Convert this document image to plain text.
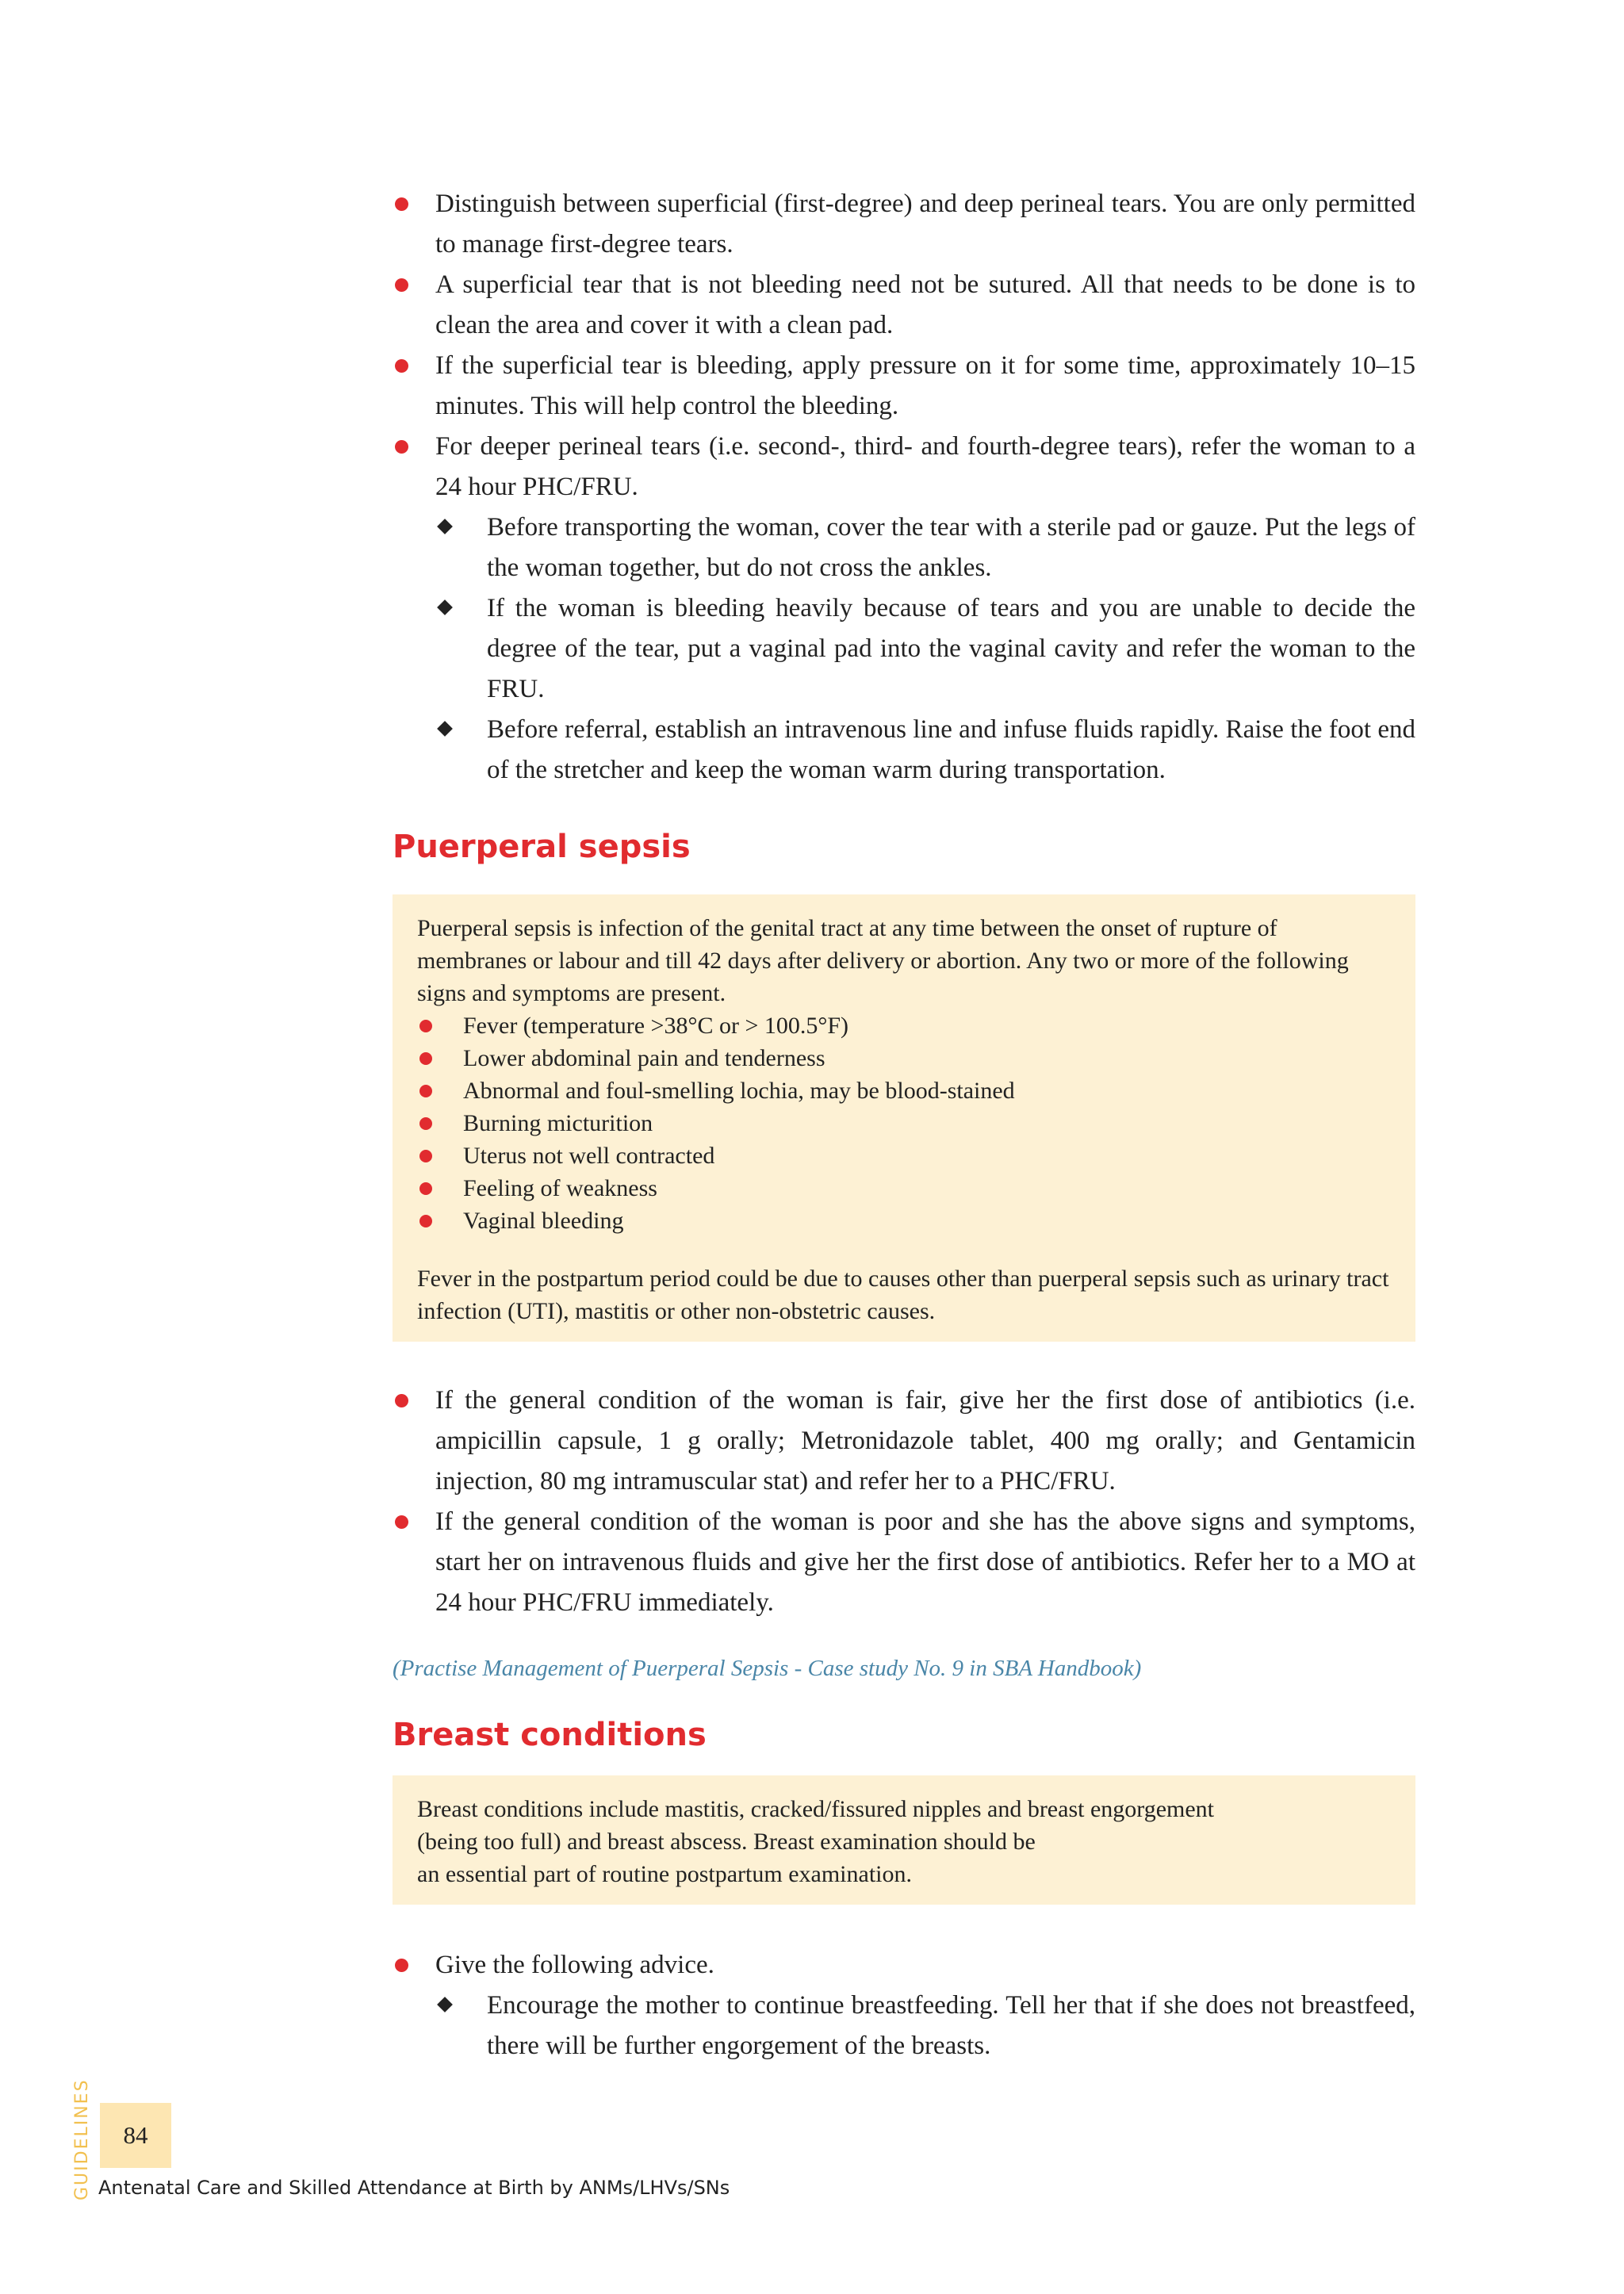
Distinguish between superficial (first-degree) and deep perineal tears. You are only permitted to manage first-degree tears.
A superficial tear that is not bleeding need not be sutured. All that needs to be done is to clean the area and cover it with a clean pad.
If the superficial tear is bleeding, apply pressure on it for some time, approximately 10–15 minutes. This will help control the bleeding.
For deeper perineal tears (i.e. second-, third- and fourth-degree tears), refer the woman to a 24 hour PHC/FRU.
Before transporting the woman, cover the tear with a sterile pad or gauze. Put the legs of the woman together, but do not cross the ankles.
If the woman is bleeding heavily because of tears and you are unable to decide the degree of the tear, put a vaginal pad into the vaginal cavity and refer the woman to the FRU.
Before referral, establish an intravenous line and infuse fluids rapidly. Raise the foot end of the stretcher and keep the woman warm during transportation.
Puerperal sepsis

Puerperal sepsis is infection of the genital tract at any time between the onset of rupture of membranes or labour and till 42 days after delivery or abortion. Any two or more of the following signs and symptoms are present.

Fever (temperature >38°C or > 100.5°F)
Lower abdominal pain and tenderness
Abnormal and foul-smelling lochia, may be blood-stained
Burning micturition
Uterus not well contracted
Feeling of weakness
Vaginal bleeding

Fever in the postpartum period could be due to causes other than puerperal sepsis such as urinary tract infection (UTI), mastitis or other non-obstetric causes.

If the general condition of the woman is fair, give her the first dose of antibiotics (i.e. ampicillin capsule, 1 g orally; Metronidazole tablet, 400 mg orally; and Gentamicin injection, 80 mg intramuscular stat) and refer her to a PHC/FRU.
If the general condition of the woman is poor and she has the above signs and symptoms, start her on intravenous fluids and give her the first dose of antibiotics. Refer her to a MO at 24 hour PHC/FRU immediately.

(Practise Management of Puerperal Sepsis - Case study No. 9 in SBA Handbook)

Breast conditions

Breast conditions include mastitis, cracked/fissured nipples and breast engorgement

(being too full) and breast abscess. Breast examination should be

an essential part of routine postpartum examination.

Give the following advice.
Encourage the mother to continue breastfeeding. Tell her that if she does not breastfeed, there will be further engorgement of the breasts.
GUIDELINES	84
Antenatal Care and Skilled Attendance at Birth by ANMs/LHVs/SNs
